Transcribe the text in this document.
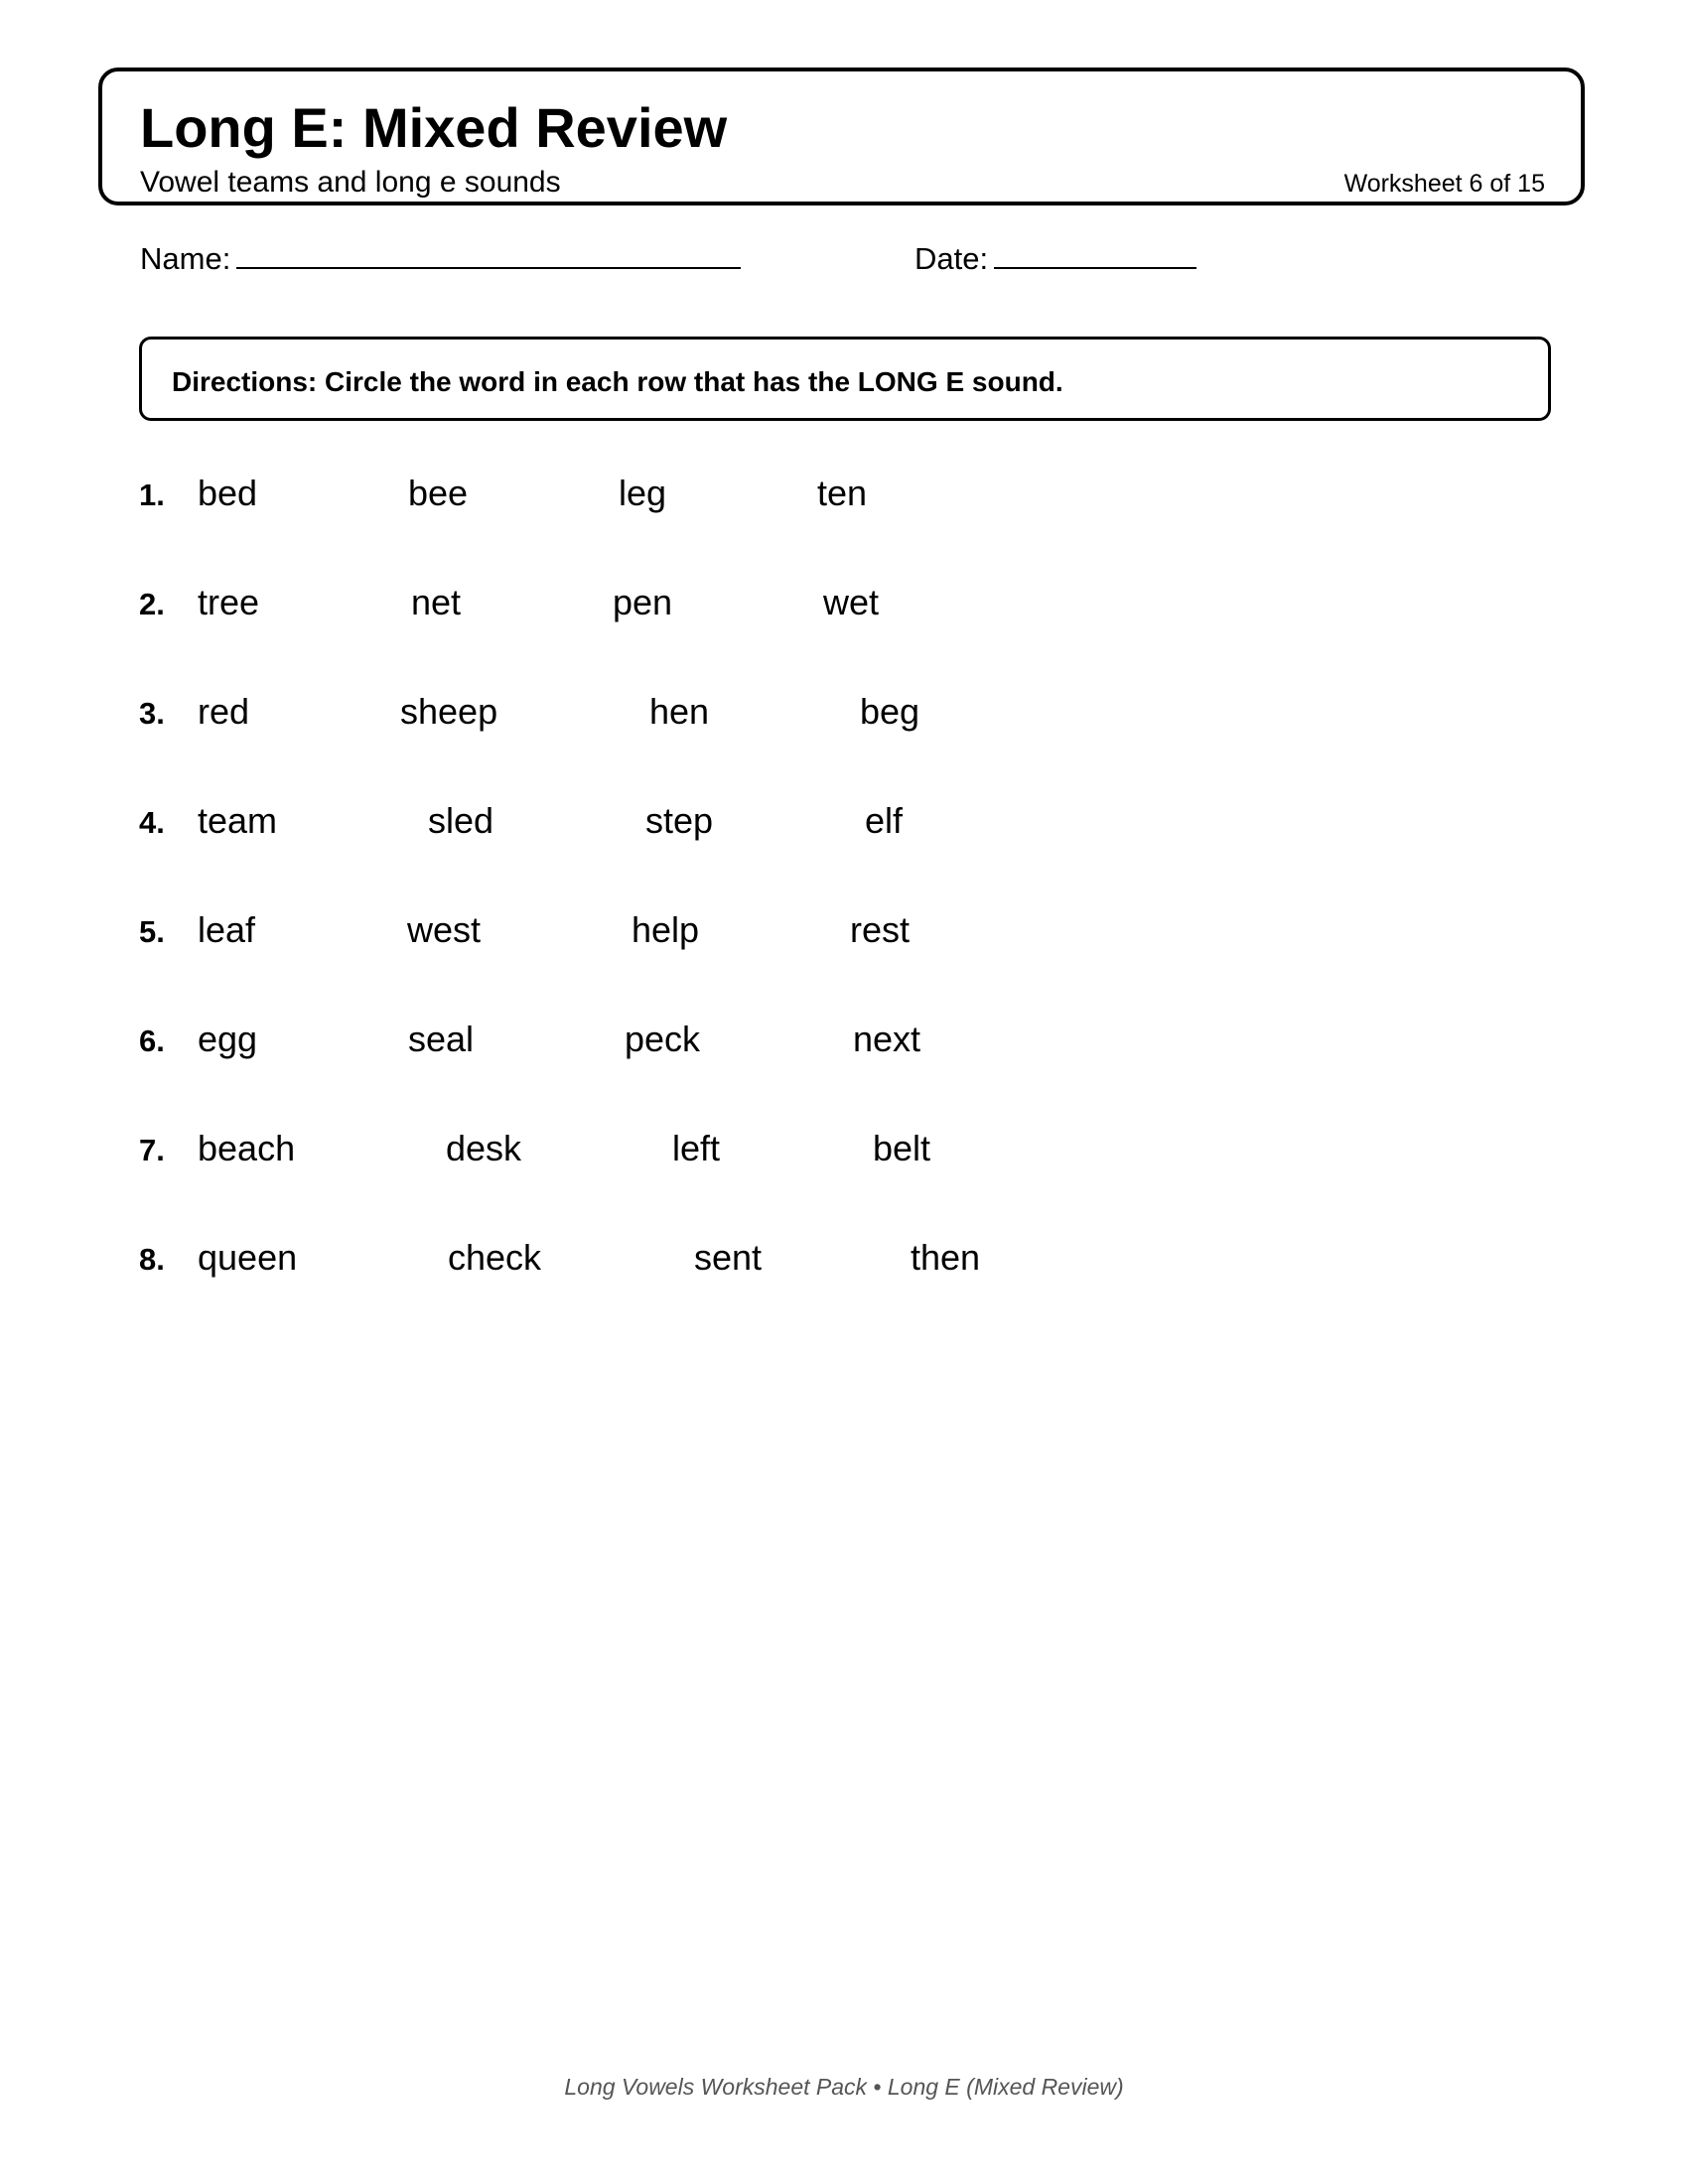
Long E: Mixed Review
Vowel teams and long e sounds	Worksheet 6 of 15
Name:	Date:
Directions: Circle the word in each row that has the LONG E sound.
1. bed	bee	leg	ten
2. tree	net	pen	wet
3. red	sheep	hen	beg
4. team	sled	step	elf
5. leaf	west	help	rest
6. egg	seal	peck	next
7. beach	desk	left	belt
8. queen	check	sent	then
Long Vowels Worksheet Pack • Long E (Mixed Review)
